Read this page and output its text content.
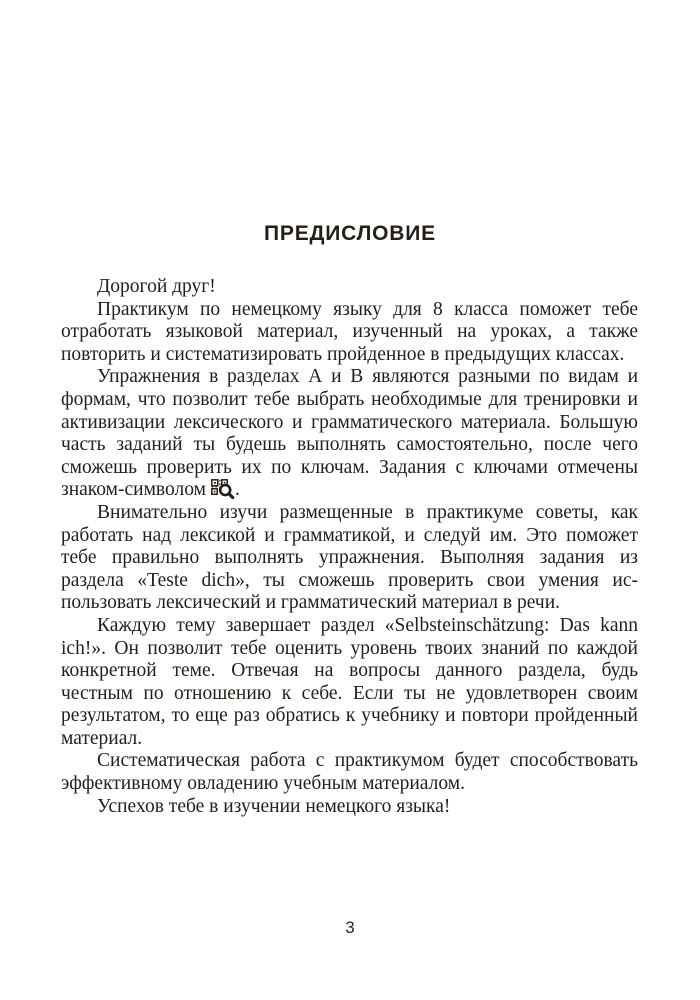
ПРЕДИСЛОВИЕ

Дорогой друг!

Практикум по немецкому языку для 8 класса поможет тебе отработать языковой материал, изученный на уроках, а также повторить и систематизировать пройденное в предыдущих классах.

Упражнения в разделах А и В являются разными по видам и формам, что позволит тебе выбрать необходимые для тренировки и активизации лексического и грамматического материала. Большую часть заданий ты будешь выполнять самостоятельно, после чего сможешь проверить их по ключам. Задания с ключами отмечены знаком-символом .

Внимательно изучи размещенные в практикуме советы, как работать над лексикой и грамматикой, и следуй им. Это поможет тебе правильно выполнять упражнения. Выполняя задания из раздела «Teste dich», ты сможешь проверить свои умения использовать лексический и грамматический материал в речи.

Каждую тему завершает раздел «Selbsteinschätzung: Das kann ich!». Он позволит тебе оценить уровень твоих знаний по каждой конкретной теме. Отвечая на вопросы данного раздела, будь честным по отношению к себе. Если ты не удовлетворен своим результатом, то еще раз обратись к учебнику и повтори пройденный материал.

Систематическая работа с практикумом будет способствовать эффективному овладению учебным материалом.

Успехов тебе в изучении немецкого языка!

3
